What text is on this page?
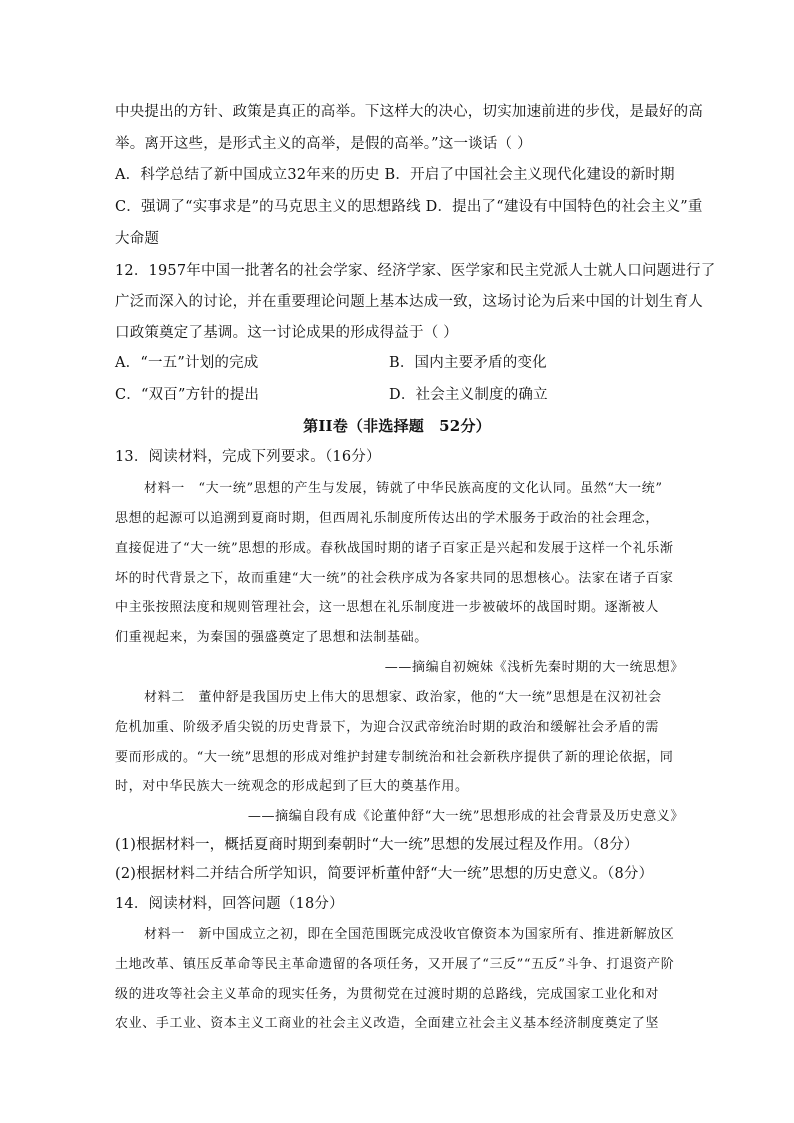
中央提出的方针、政策是真正的高举。下这样大的决心，切实加速前进的步伐，是最好的高
举。离开这些，是形式主义的高举，是假的高举。”这一谈话（ ）
A．科学总结了新中国成立32年来的历史 B．开启了中国社会主义现代化建设的新时期
C．强调了“实事求是”的马克思主义的思想路线 D．提出了“建设有中国特色的社会主义”重
大命题
12．1957年中国一批著名的社会学家、经济学家、医学家和民主党派人士就人口问题进行了
广泛而深入的讨论，并在重要理论问题上基本达成一致，这场讨论为后来中国的计划生育人
口政策奠定了基调。这一讨论成果的形成得益于（ ）
A．“一五”计划的完成	B．国内主要矛盾的变化
C．“双百”方针的提出	D．社会主义制度的确立
第II卷（非选择题　52分）
13．阅读材料，完成下列要求。（16分）
材料一　“大一统”思想的产生与发展，铸就了中华民族高度的文化认同。虽然“大一统”
思想的起源可以追溯到夏商时期，但西周礼乐制度所传达出的学术服务于政治的社会理念，
直接促进了“大一统”思想的形成。春秋战国时期的诸子百家正是兴起和发展于这样一个礼乐渐
坏的时代背景之下，故而重建“大一统”的社会秩序成为各家共同的思想核心。法家在诸子百家
中主张按照法度和规则管理社会，这一思想在礼乐制度进一步被破坏的战国时期。逐渐被人
们重视起来，为秦国的强盛奠定了思想和法制基础。
——摘编自初婉妹《浅析先秦时期的大一统思想》
材料二　董仲舒是我国历史上伟大的思想家、政治家，他的“大一统”思想是在汉初社会
危机加重、阶级矛盾尖锐的历史背景下，为迎合汉武帝统治时期的政治和缓解社会矛盾的需
要而形成的。“大一统”思想的形成对维护封建专制统治和社会新秩序提供了新的理论依据，同
时，对中华民族大一统观念的形成起到了巨大的奠基作用。
——摘编自段有成《论董仲舒“大一统”思想形成的社会背景及历史意义》
(1)根据材料一，概括夏商时期到秦朝时“大一统”思想的发展过程及作用。（8分）
(2)根据材料二并结合所学知识，简要评析董仲舒“大一统”思想的历史意义。（8分）
14．阅读材料，回答问题（18分）
材料一　新中国成立之初，即在全国范围既完成没收官僚资本为国家所有、推进新解放区
土地改革、镇压反革命等民主革命遗留的各项任务，又开展了“三反”“五反”斗争、打退资产阶
级的进攻等社会主义革命的现实任务，为贯彻党在过渡时期的总路线，完成国家工业化和对
农业、手工业、资本主义工商业的社会主义改造，全面建立社会主义基本经济制度奠定了坚
